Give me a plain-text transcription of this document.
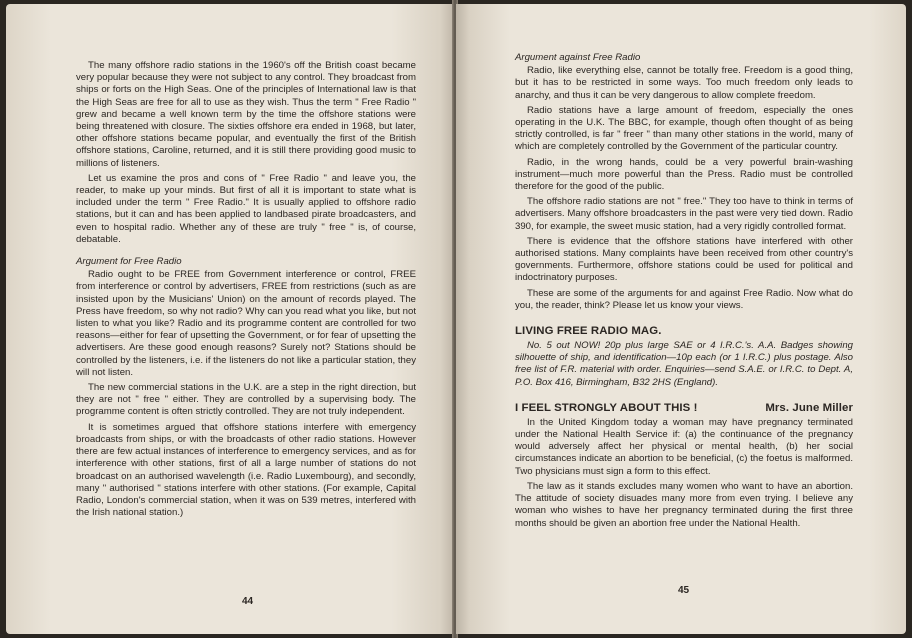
The many offshore radio stations in the 1960's off the British coast became very popular because they were not subject to any control. They broadcast from ships or forts on the High Seas. One of the principles of International law is that the High Seas are free for all to use as they wish. Thus the term " Free Radio " grew and became a well known term by the time the offshore stations were being threatened with closure. The sixties offshore era ended in 1968, but later, other offshore stations became popular, and eventually the first of the British offshore stations, Caroline, returned, and it is still there providing good music to millions of listeners.

Let us examine the pros and cons of " Free Radio " and leave you, the reader, to make up your minds. But first of all it is important to state what is included under the term " Free Radio." It is usually applied to offshore radio stations, but it can and has been applied to landbased pirate broadcasters, and even to hospital radio. Whether any of these are truly " free " is, of course, debatable.

Argument for Free Radio

Radio ought to be FREE from Government interference or control, FREE from interference or control by advertisers, FREE from restrictions (such as are insisted upon by the Musicians' Union) on the amount of records played. The Press have freedom, so why not radio? Why can you read what you like, but not listen to what you like? Radio and its programme content are controlled for two reasons—either for fear of upsetting the Government, or for fear of upsetting the advertisers. Are these good enough reasons? Surely not? Stations should be controlled by the listeners, i.e. if the listeners do not like a particular station, they will not listen.

The new commercial stations in the U.K. are a step in the right direction, but they are not " free " either. They are controlled by a supervising body. The programme content is often strictly controlled. They are not truly independent.

It is sometimes argued that offshore stations interfere with emergency broadcasts from ships, or with the broadcasts of other radio stations. However there are few actual instances of interference to emergency services, and as for interference with other stations, first of all a large number of stations do not broadcast on an authorised wavelength (i.e. Radio Luxembourg), and secondly, many " authorised " stations interfere with other stations. (For example, Capital Radio, London's commercial station, when it was on 539 metres, interfered with the Irish national station.)

44
Argument against Free Radio

Radio, like everything else, cannot be totally free. Freedom is a good thing, but it has to be restricted in some ways. Too much freedom only leads to anarchy, and thus it can be very dangerous to allow complete freedom.

Radio stations have a large amount of freedom, especially the ones operating in the U.K. The BBC, for example, though often thought of as being strictly controlled, is far " freer " than many other stations in the world, many of which are completely controlled by the Government of the particular country.

Radio, in the wrong hands, could be a very powerful brain-washing instrument—much more powerful than the Press. Radio must be controlled therefore for the good of the public.

The offshore radio stations are not " free." They too have to think in terms of advertisers. Many offshore broadcasters in the past were very tied down. Radio 390, for example, the sweet music station, had a very rigidly controlled format.

There is evidence that the offshore stations have interfered with other authorised stations. Many complaints have been received from other country's governments. Furthermore, offshore stations could be used for political and indoctrinatory purposes.

These are some of the arguments for and against Free Radio. Now what do you, the reader, think? Please let us know your views.

LIVING FREE RADIO MAG.

No. 5 out NOW! 20p plus large SAE or 4 I.R.C.'s. A.A. Badges showing silhouette of ship, and identification—10p each (or 1 I.R.C.) plus postage. Also free list of F.R. material with order. Enquiries—send S.A.E. or I.R.C. to Dept. A, P.O. Box 416, Birmingham, B32 2HS (England).

I FEEL STRONGLY ABOUT THIS !	Mrs. June Miller

In the United Kingdom today a woman may have pregnancy terminated under the National Health Service if: (a) the continuance of the pregnancy would adversely affect her physical or mental health, (b) her social circumstances indicate an abortion to be beneficial, (c) the foetus is malformed. Two physicians must sign a form to this effect.

The law as it stands excludes many women who want to have an abortion. The attitude of society disuades many more from even trying. I believe any woman who wishes to have her pregnancy terminated during the first three months should be given an abortion free under the National Health.

45
